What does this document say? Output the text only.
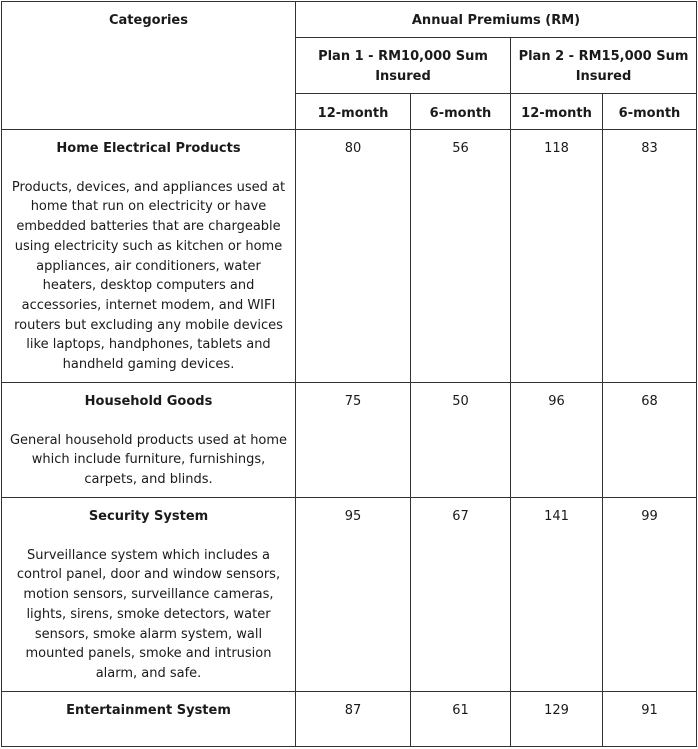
Categories	Annual Premiums (RM)			
	Plan 1 - RM10,000 Sum Insured		Plan 2 - RM15,000 Sum Insured	
	12-month	6-month	12-month	6-month

Home Electrical Products
Products, devices, and appliances used at home that run on electricity or have embedded batteries that are chargeable using electricity such as kitchen or home appliances, air conditioners, water heaters, desktop computers and accessories, internet modem, and WIFI routers but excluding any mobile devices like laptops, handphones, tablets and handheld gaming devices.	80	56	118	83

Household Goods
General household products used at home which include furniture, furnishings, carpets, and blinds.	75	50	96	68

Security System
Surveillance system which includes a control panel, door and window sensors, motion sensors, surveillance cameras, lights, sirens, smoke detectors, water sensors, smoke alarm system, wall mounted panels, smoke and intrusion alarm, and safe.	95	67	141	99

Entertainment System	87	61	129	91
